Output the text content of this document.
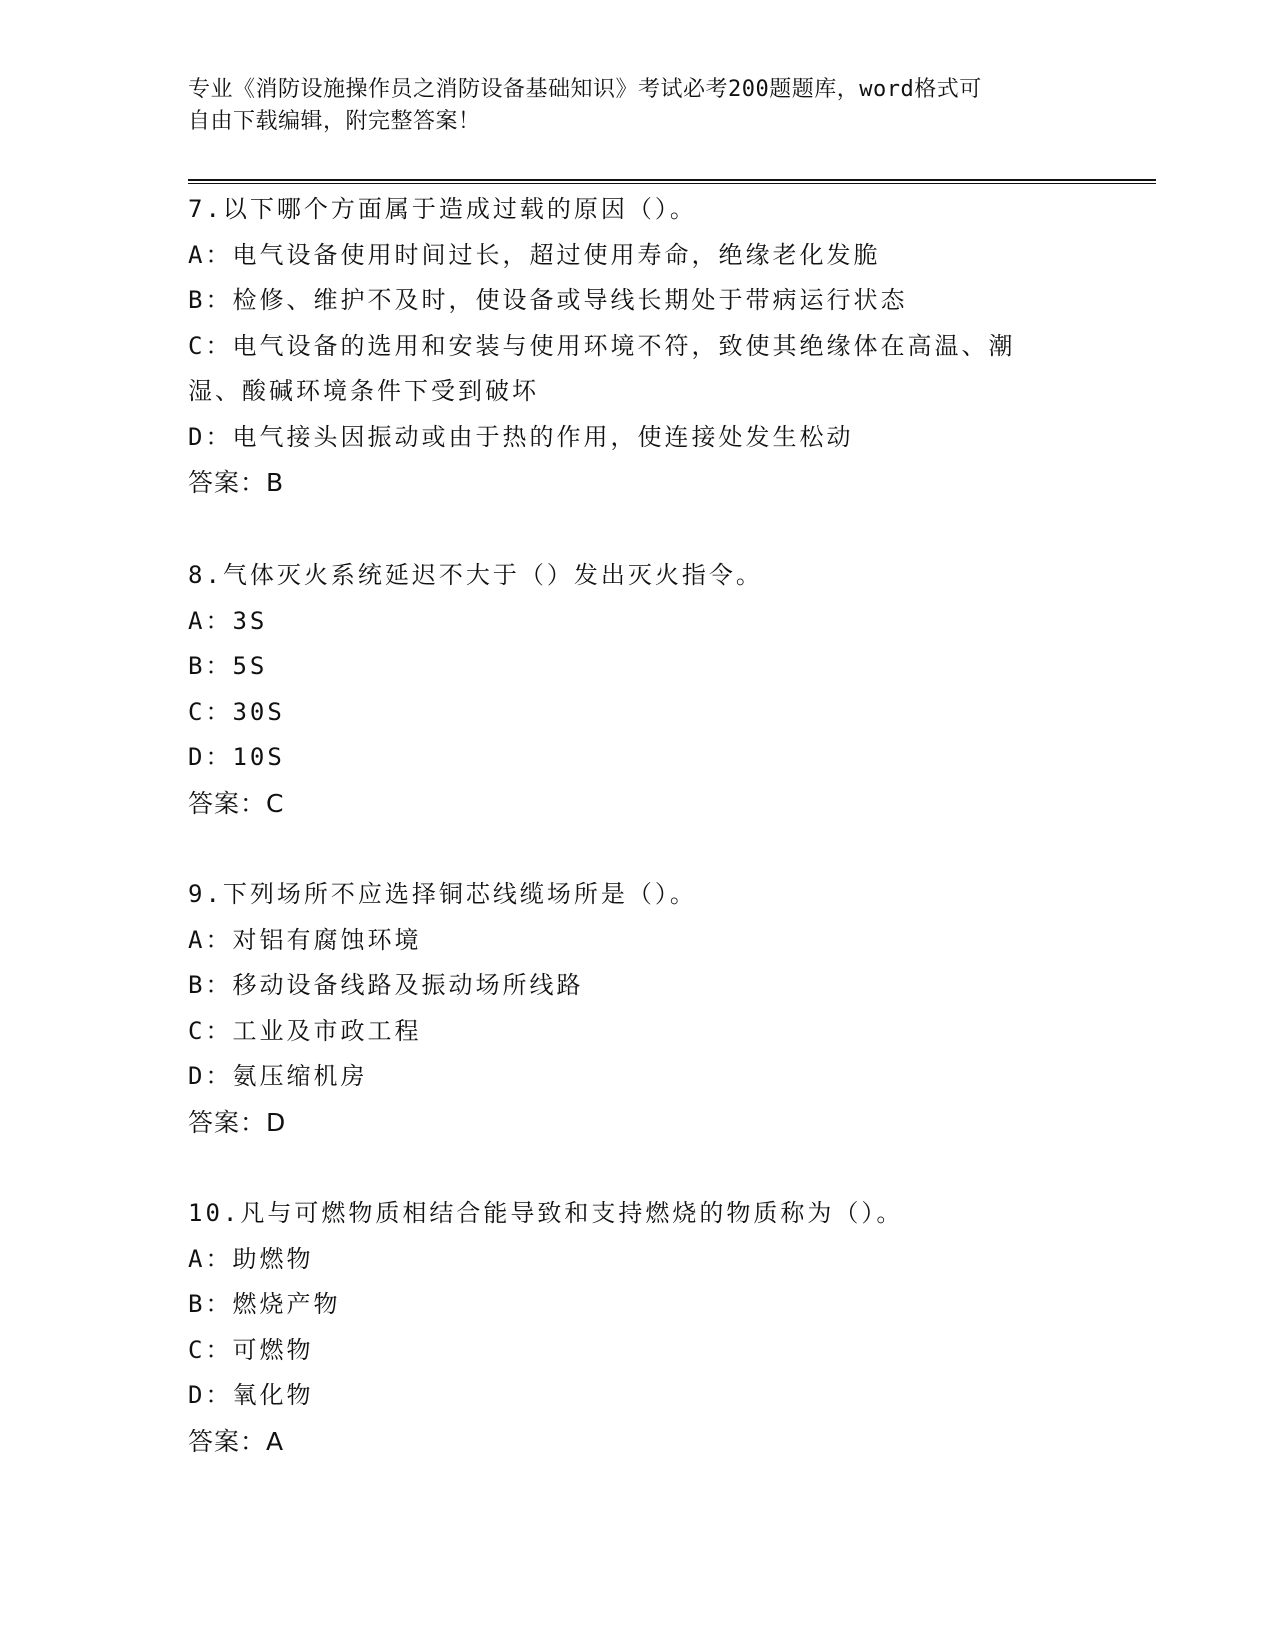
专业《消防设施操作员之消防设备基础知识》考试必考200题题库，word格式可

自由下载编辑，附完整答案！

7.以下哪个方面属于造成过载的原因（）。
A：电气设备使用时间过长，超过使用寿命，绝缘老化发脆
B：检修、维护不及时，使设备或导线长期处于带病运行状态
C：电气设备的选用和安装与使用环境不符，致使其绝缘体在高温、潮
湿、酸碱环境条件下受到破坏
D：电气接头因振动或由于热的作用，使连接处发生松动
答案：B
8.气体灭火系统延迟不大于（）发出灭火指令。
A：3S
B：5S
C：30S
D：10S
答案：C
9.下列场所不应选择铜芯线缆场所是（）。
A：对铝有腐蚀环境
B：移动设备线路及振动场所线路
C：工业及市政工程
D：氨压缩机房
答案：D
10.凡与可燃物质相结合能导致和支持燃烧的物质称为（）。
A：助燃物
B：燃烧产物
C：可燃物
D：氧化物
答案：A
